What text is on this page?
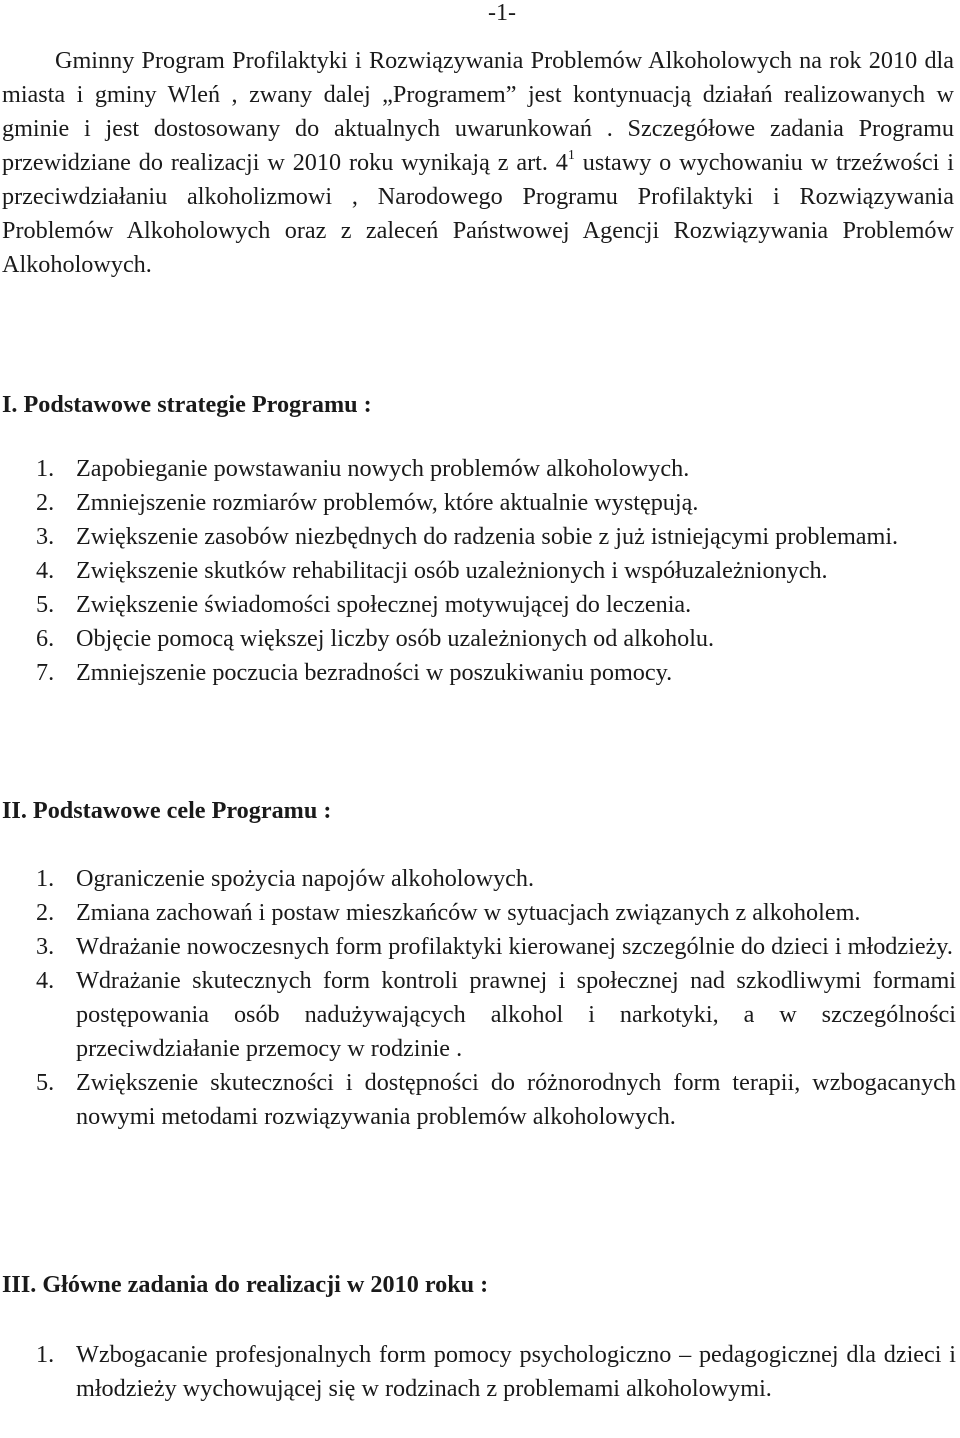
-1-

Gminny Program Profilaktyki i Rozwiązywania Problemów Alkoholowych na rok 2010 dla miasta i gminy Wleń , zwany dalej „Programem” jest kontynuacją działań realizowanych w gminie i jest dostosowany do aktualnych uwarunkowań . Szczegółowe zadania Programu przewidziane do realizacji w 2010 roku wynikają z art. $4^1$ ustawy o wychowaniu w trzeźwości i przeciwdziałaniu alkoholizmowi , Narodowego Programu Profilaktyki i Rozwiązywania Problemów Alkoholowych oraz z zaleceń Państwowej Agencji Rozwiązywania Problemów Alkoholowych.

I. Podstawowe strategie Programu :
1. Zapobieganie powstawaniu nowych problemów alkoholowych.
2. Zmniejszenie rozmiarów problemów, które aktualnie występują.
3. Zwiększenie zasobów niezbędnych do radzenia sobie z już istniejącymi problemami.
4. Zwiększenie skutków rehabilitacji osób uzależnionych i współuzależnionych.
5. Zwiększenie świadomości społecznej motywującej do leczenia.
6. Objęcie pomocą większej liczby osób uzależnionych od alkoholu.
7. Zmniejszenie poczucia bezradności w poszukiwaniu pomocy.
II. Podstawowe cele Programu :
1. Ograniczenie spożycia napojów alkoholowych.
2. Zmiana zachowań i postaw mieszkańców w sytuacjach związanych z alkoholem.
3. Wdrażanie nowoczesnych form profilaktyki kierowanej szczególnie do dzieci i młodzieży.
4. Wdrażanie skutecznych form kontroli prawnej i społecznej nad szkodliwymi formami postępowania osób nadużywających alkohol i narkotyki, a w szczególności przeciwdziałanie przemocy w rodzinie .
5. Zwiększenie skuteczności i dostępności do różnorodnych form terapii, wzbogacanych nowymi metodami rozwiązywania problemów alkoholowych.
III. Główne zadania do realizacji w 2010 roku :
1. Wzbogacanie profesjonalnych form pomocy psychologiczno – pedagogicznej dla dzieci i młodzieży wychowującej się w rodzinach z problemami alkoholowymi.
